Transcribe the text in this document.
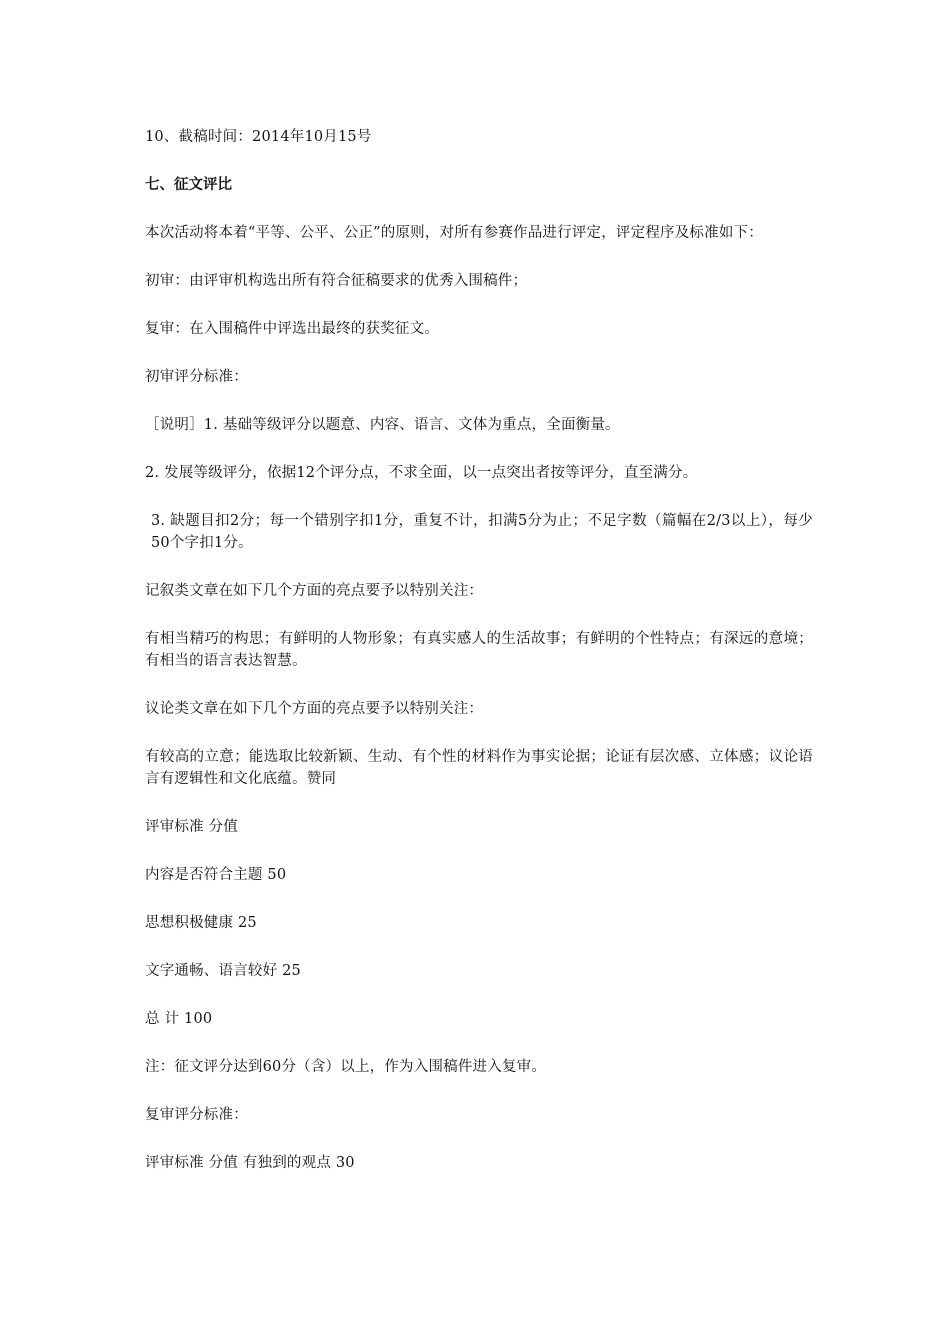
10、截稿时间：2014年10月15号

七、征文评比

本次活动将本着“平等、公平、公正”的原则，对所有参赛作品进行评定，评定程序及标准如下：

初审：由评审机构选出所有符合征稿要求的优秀入围稿件；

复审：在入围稿件中评选出最终的获奖征文。

初审评分标准：

［说明］1. 基础等级评分以题意、内容、语言、文体为重点，全面衡量。

2. 发展等级评分，依据12个评分点，不求全面，以一点突出者按等评分，直至满分。

3. 缺题目扣2分；每一个错别字扣1分，重复不计，扣满5分为止；不足字数（篇幅在2/3以上），每少50个字扣1分。

记叙类文章在如下几个方面的亮点要予以特别关注：

有相当精巧的构思；有鲜明的人物形象；有真实感人的生活故事；有鲜明的个性特点；有深远的意境；有相当的语言表达智慧。

议论类文章在如下几个方面的亮点要予以特别关注：

有较高的立意；能选取比较新颖、生动、有个性的材料作为事实论据；论证有层次感、立体感；议论语言有逻辑性和文化底蕴。赞同

评审标准 分值

内容是否符合主题 50

思想积极健康 25

文字通畅、语言较好 25

总 计 100

注：征文评分达到60分（含）以上，作为入围稿件进入复审。

复审评分标准：

评审标准 分值 有独到的观点 30
